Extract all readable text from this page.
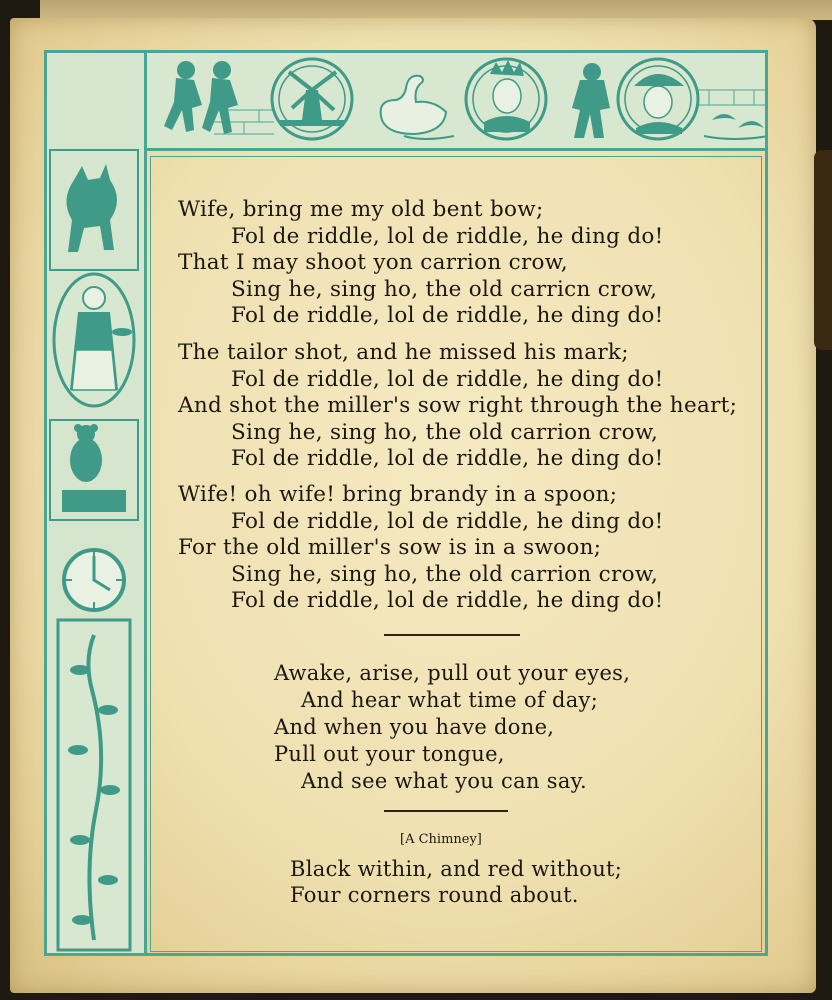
Wife, bring me my old bent bow;
Fol de riddle, lol de riddle, he ding do!
That I may shoot yon carrion crow,
Sing he, sing ho, the old carricn crow,
Fol de riddle, lol de riddle, he ding do!
The tailor shot, and he missed his mark;
Fol de riddle, lol de riddle, he ding do!
And shot the miller's sow right through the heart;
Sing he, sing ho, the old carrion crow,
Fol de riddle, lol de riddle, he ding do!
Wife! oh wife! bring brandy in a spoon;
Fol de riddle, lol de riddle, he ding do!
For the old miller's sow is in a swoon;
Sing he, sing ho, the old carrion crow,
Fol de riddle, lol de riddle, he ding do!
Awake, arise, pull out your eyes,
And hear what time of day;
And when you have done,
Pull out your tongue,
And see what you can say.
[A Chimney]
Black within, and red without;
Four corners round about.
